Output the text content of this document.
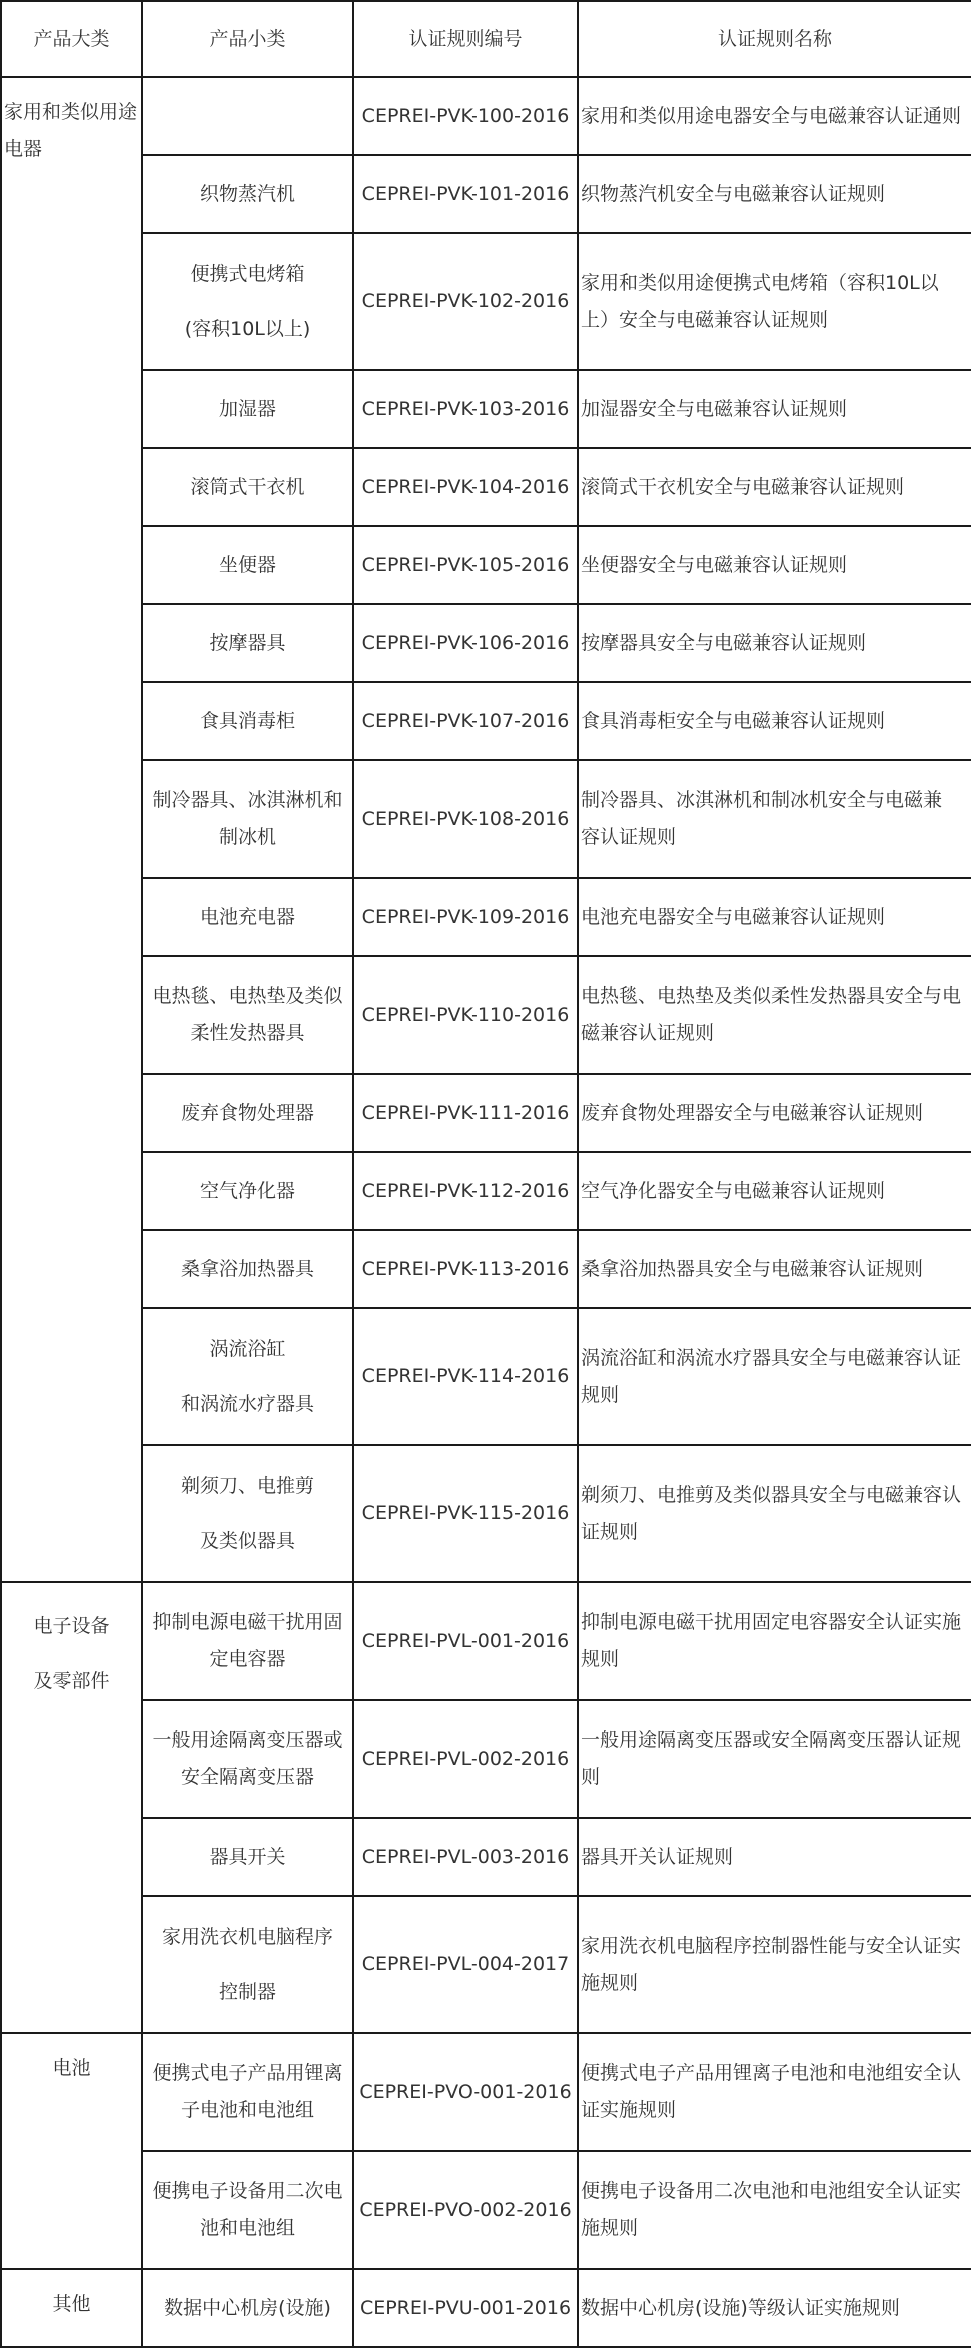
产品大类	产品小类	认证规则编号	认证规则名称

家用和类似用途
电器		CEPREI-PVK-100-2016	家用和类似用途电器安全与电磁兼容认证通则

	织物蒸汽机	CEPREI-PVK-101-2016	织物蒸汽机安全与电磁兼容认证规则

	便携式电烤箱
(容积10L以上)	CEPREI-PVK-102-2016	家用和类似用途便携式电烤箱（容积10L以
上）安全与电磁兼容认证规则

	加湿器	CEPREI-PVK-103-2016	加湿器安全与电磁兼容认证规则

	滚筒式干衣机	CEPREI-PVK-104-2016	滚筒式干衣机安全与电磁兼容认证规则

	坐便器	CEPREI-PVK-105-2016	坐便器安全与电磁兼容认证规则

	按摩器具	CEPREI-PVK-106-2016	按摩器具安全与电磁兼容认证规则

	食具消毒柜	CEPREI-PVK-107-2016	食具消毒柜安全与电磁兼容认证规则

	制冷器具、冰淇淋机和
制冰机	CEPREI-PVK-108-2016	制冷器具、冰淇淋机和制冰机安全与电磁兼
容认证规则

	电池充电器	CEPREI-PVK-109-2016	电池充电器安全与电磁兼容认证规则

	电热毯、电热垫及类似
柔性发热器具	CEPREI-PVK-110-2016	电热毯、电热垫及类似柔性发热器具安全与电
磁兼容认证规则

	废弃食物处理器	CEPREI-PVK-111-2016	废弃食物处理器安全与电磁兼容认证规则

	空气净化器	CEPREI-PVK-112-2016	空气净化器安全与电磁兼容认证规则

	桑拿浴加热器具	CEPREI-PVK-113-2016	桑拿浴加热器具安全与电磁兼容认证规则

	涡流浴缸
和涡流水疗器具	CEPREI-PVK-114-2016	涡流浴缸和涡流水疗器具安全与电磁兼容认证
规则

	剃须刀、电推剪
及类似器具	CEPREI-PVK-115-2016	剃须刀、电推剪及类似器具安全与电磁兼容认
证规则

电子设备
及零部件	抑制电源电磁干扰用固
定电容器	CEPREI-PVL-001-2016	抑制电源电磁干扰用固定电容器安全认证实施
规则

	一般用途隔离变压器或
安全隔离变压器	CEPREI-PVL-002-2016	一般用途隔离变压器或安全隔离变压器认证规
则

	器具开关	CEPREI-PVL-003-2016	器具开关认证规则

	家用洗衣机电脑程序
控制器	CEPREI-PVL-004-2017	家用洗衣机电脑程序控制器性能与安全认证实
施规则

电池	便携式电子产品用锂离
子电池和电池组	CEPREI-PVO-001-2016	便携式电子产品用锂离子电池和电池组安全认
证实施规则

	便携电子设备用二次电
池和电池组	CEPREI-PVO-002-2016	便携电子设备用二次电池和电池组安全认证实
施规则

其他	数据中心机房(设施)	CEPREI-PVU-001-2016	数据中心机房(设施)等级认证实施规则
